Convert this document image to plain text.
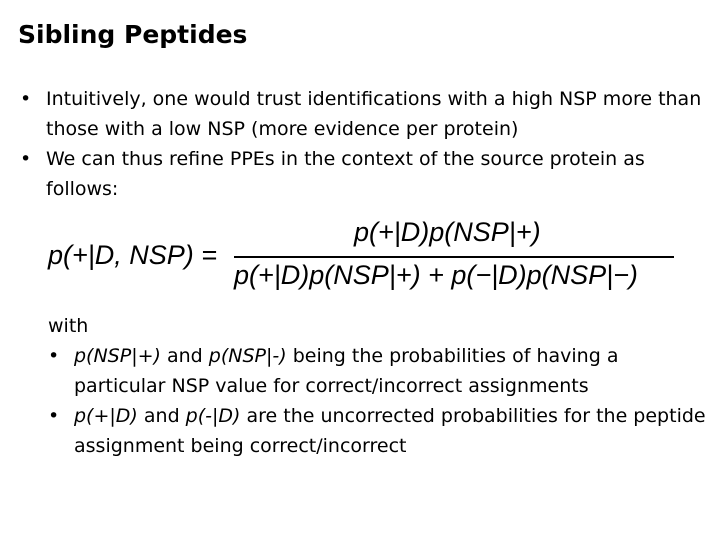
Sibling Peptides
• Intuitively, one would trust identifications with a high NSP more than those with a low NSP (more evidence per protein)
• We can thus refine PPEs in the context of the source protein as follows:
p(+|D, NSP) =
p(+|D)p(NSP|+)
p(+|D)p(NSP|+) + p(−|D)p(NSP|−)
with
• p(NSP|+) and p(NSP|-) being the probabilities of having a particular NSP value for correct/incorrect assignments
• p(+|D) and p(-|D) are the uncorrected probabilities for the peptide assignment being correct/incorrect
